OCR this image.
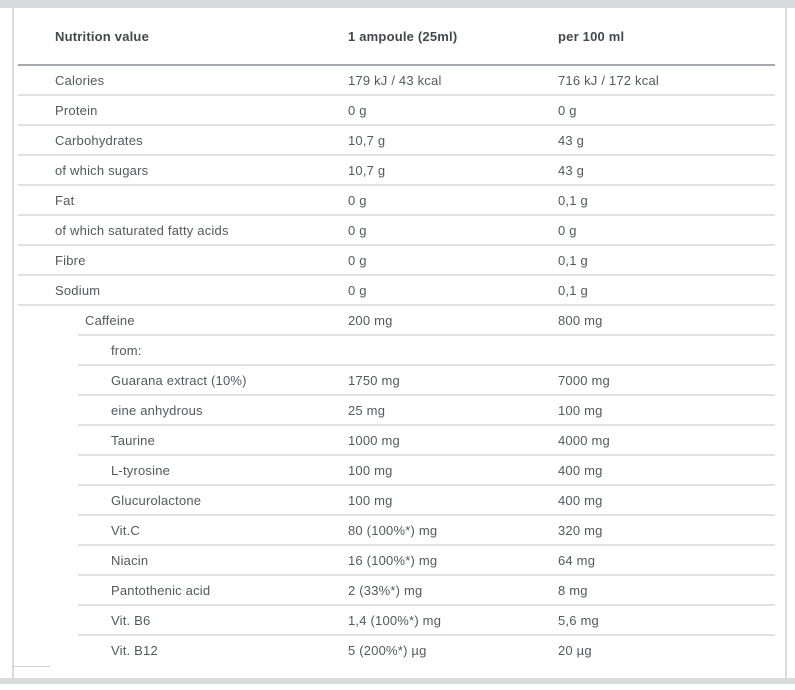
Nutrition value	1 ampoule (25ml)	per 100 ml
Calories	179 kJ / 43 kcal	716 kJ / 172 kcal
Protein	0 g	0 g
Carbohydrates	10,7 g	43 g
of which sugars	10,7 g	43 g
Fat	0 g	0,1 g
of which saturated fatty acids	0 g	0 g
Fibre	0 g	0,1 g
Sodium	0 g	0,1 g
Caffeine	200 mg	800 mg
from:
Guarana extract (10%)	1750 mg	7000 mg
eine anhydrous	25 mg	100 mg
Taurine	1000 mg	4000 mg
L-tyrosine	100 mg	400 mg
Glucurolactone	100 mg	400 mg
Vit.C	80 (100%*) mg	320 mg
Niacin	16 (100%*) mg	64 mg
Pantothenic acid	2 (33%*) mg	8 mg
Vit. B6	1,4 (100%*) mg	5,6 mg
Vit. B12	5 (200%*) µg	20 µg
